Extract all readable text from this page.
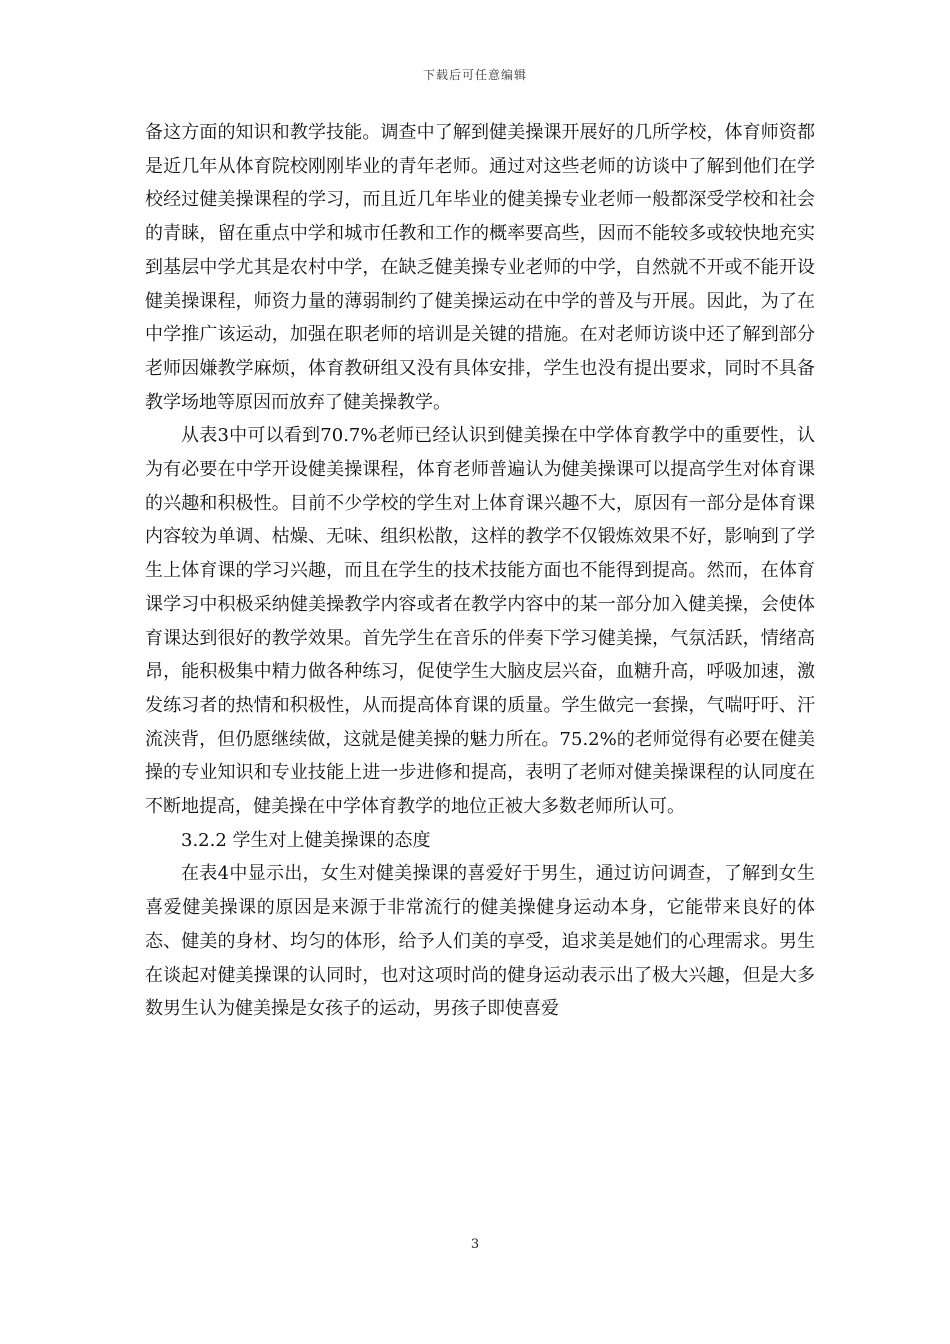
下载后可任意编辑

备这方面的知识和教学技能。调查中了解到健美操课开展好的几所学校，体育师资都是近几年从体育院校刚刚毕业的青年老师。通过对这些老师的访谈中了解到他们在学校经过健美操课程的学习，而且近几年毕业的健美操专业老师一般都深受学校和社会的青睐，留在重点中学和城市任教和工作的概率要高些，因而不能较多或较快地充实到基层中学尤其是农村中学，在缺乏健美操专业老师的中学，自然就不开或不能开设健美操课程，师资力量的薄弱制约了健美操运动在中学的普及与开展。因此，为了在中学推广该运动，加强在职老师的培训是关键的措施。在对老师访谈中还了解到部分老师因嫌教学麻烦，体育教研组又没有具体安排，学生也没有提出要求，同时不具备教学场地等原因而放弃了健美操教学。

从表3中可以看到70.7%老师已经认识到健美操在中学体育教学中的重要性，认为有必要在中学开设健美操课程，体育老师普遍认为健美操课可以提高学生对体育课的兴趣和积极性。目前不少学校的学生对上体育课兴趣不大，原因有一部分是体育课内容较为单调、枯燥、无味、组织松散，这样的教学不仅锻炼效果不好，影响到了学生上体育课的学习兴趣，而且在学生的技术技能方面也不能得到提高。然而，在体育课学习中积极采纳健美操教学内容或者在教学内容中的某一部分加入健美操，会使体育课达到很好的教学效果。首先学生在音乐的伴奏下学习健美操，气氛活跃，情绪高昂，能积极集中精力做各种练习，促使学生大脑皮层兴奋，血糖升高，呼吸加速，激发练习者的热情和积极性，从而提高体育课的质量。学生做完一套操，气喘吁吁、汗流浃背，但仍愿继续做，这就是健美操的魅力所在。75.2%的老师觉得有必要在健美操的专业知识和专业技能上进一步进修和提高，表明了老师对健美操课程的认同度在不断地提高，健美操在中学体育教学的地位正被大多数老师所认可。

3.2.2 学生对上健美操课的态度

在表4中显示出，女生对健美操课的喜爱好于男生，通过访问调查，了解到女生喜爱健美操课的原因是来源于非常流行的健美操健身运动本身，它能带来良好的体态、健美的身材、均匀的体形，给予人们美的享受，追求美是她们的心理需求。男生在谈起对健美操课的认同时，也对这项时尚的健身运动表示出了极大兴趣，但是大多数男生认为健美操是女孩子的运动，男孩子即使喜爱

3
